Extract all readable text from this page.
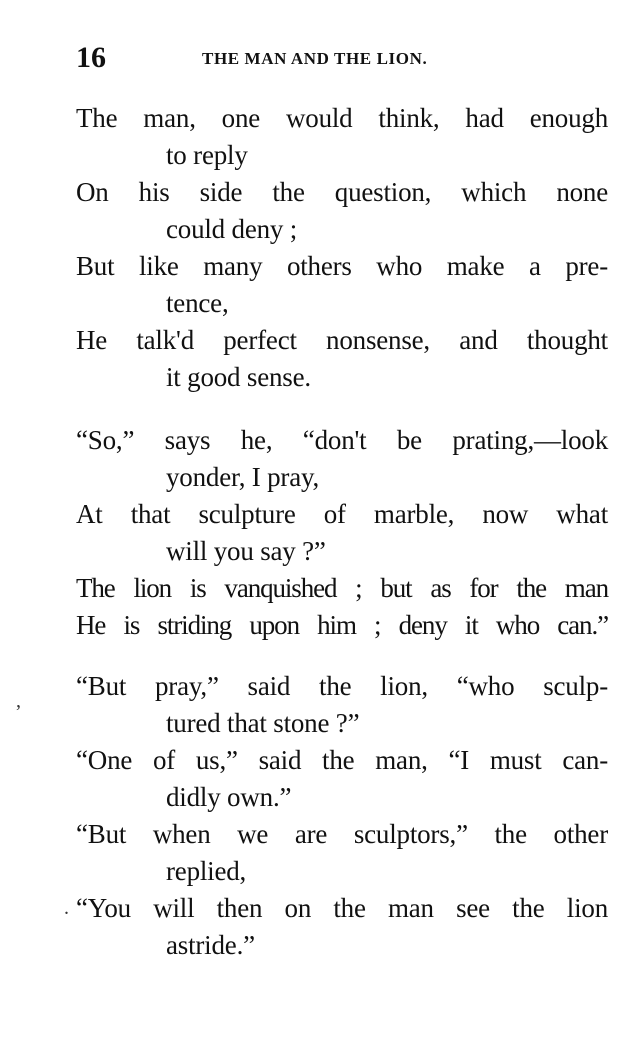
16	THE MAN AND THE LION.
The man, one would think, had enough
to reply
On his side the question, which none
could deny ;
But like many others who make a pre-
tence,
He talk'd perfect nonsense, and thought
it good sense.
“So,” says he, “don't be prating,—look
yonder, I pray,
At that sculpture of marble, now what
will you say ?”
The lion is vanquished ; but as for the man
He is striding upon him ; deny it who can.”
“But pray,” said the lion, “who sculp-
tured that stone ?”
“One of us,” said the man, “I must can-
didly own.”
“But when we are sculptors,” the other
replied,
“You will then on the man see the lion
astride.”
,
.
